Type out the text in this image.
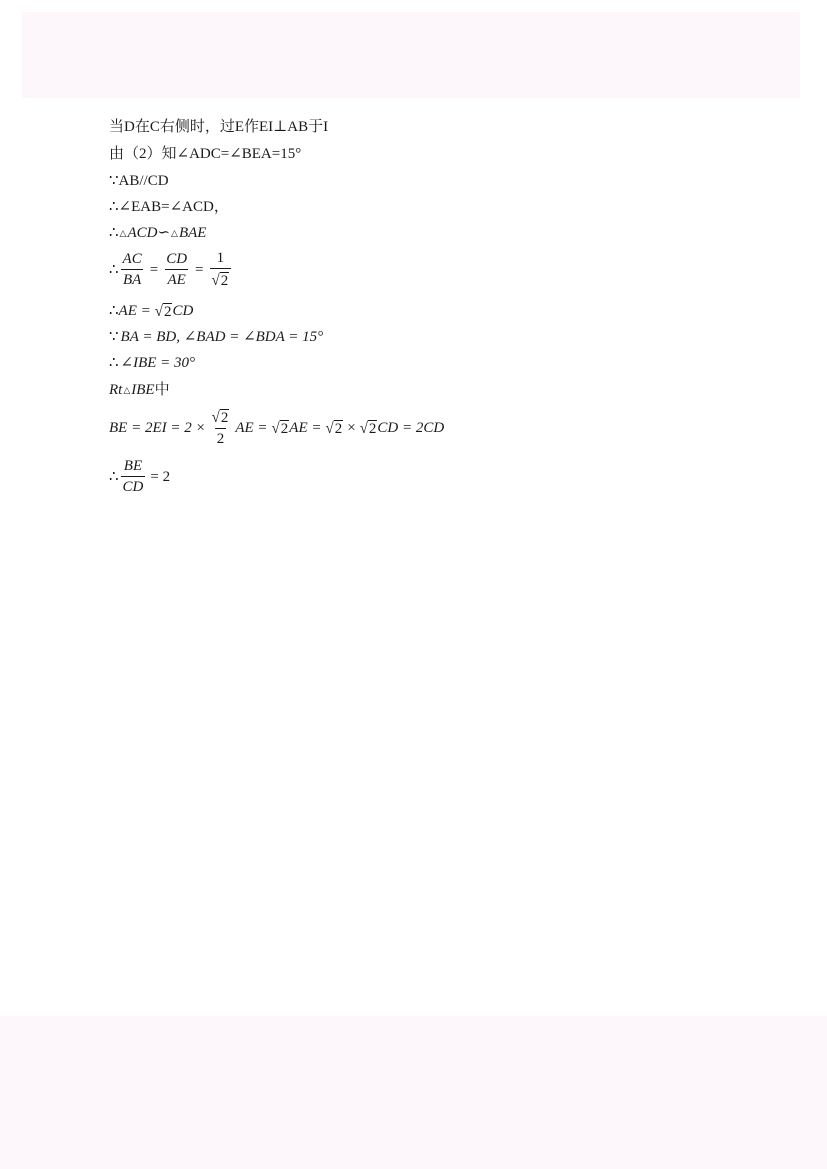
当D在C右侧时，过E作EI⊥AB于I
由（2）知∠ADC=∠BEA=15°
∵ AB//CD
∴ ∠EAB=∠ACD，
∴ △ ACD ∽ △ BAE
∴ $\frac{AC}{BA} = \frac{CD}{AE} = \frac{1}{√ 2}$
∴ AE = √ 2 CD
∵ BA = BD, ∠BAD = ∠BDA = 15°
∴ ∠IBE = 30°
Rt △ IBE 中
BE = $2EI = 2 \times \frac{√ 2}{2}$ AE = √ 2 AE = √ 2 × √ 2 CD = 2CD
∴ $\frac{BE}{CD} = 2$
